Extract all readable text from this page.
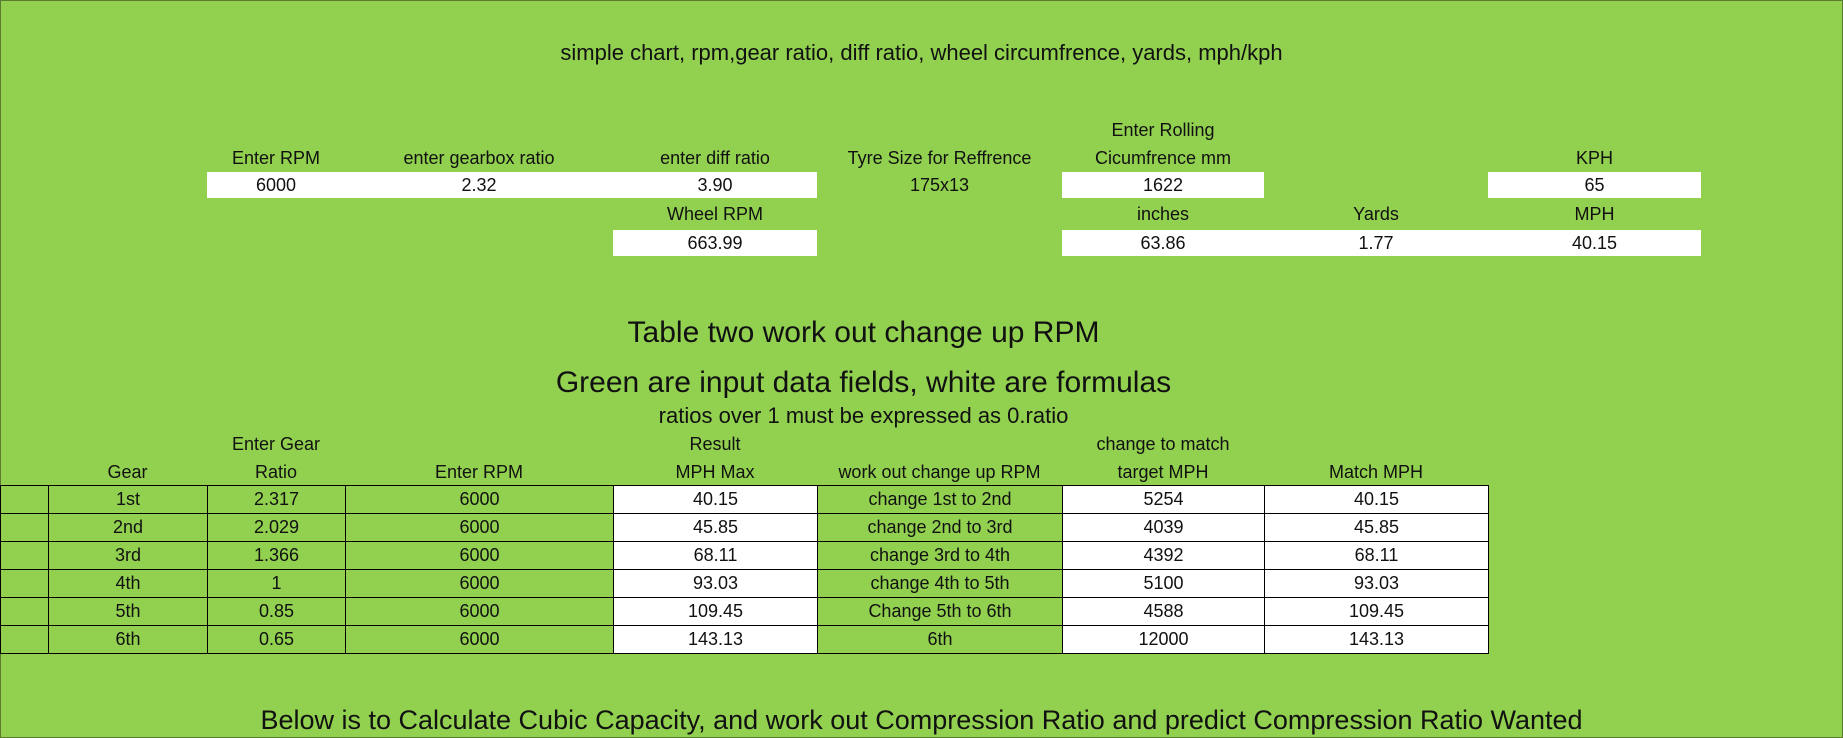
simple chart, rpm,gear ratio, diff ratio, wheel circumfrence, yards, mph/kph
Enter RPM	enter gearbox ratio	enter diff ratio	Tyre Size for Reffrence
Enter Rolling
Cicumfrence mm	KPH
6000	2.32	3.90	175x13	1622	65
Wheel RPM	inches	Yards	MPH
663.99	63.86	1.77	40.15
Table two work out change up RPM
Green are input data fields, white are formulas
ratios over 1 must be expressed as 0.ratio
Enter Gear	Result	change to match
Gear	Ratio	Enter RPM	MPH Max	work out change up RPM	target MPH	Match MPH
	1st	2.317	6000	40.15	change 1st to 2nd	5254	40.15
	2nd	2.029	6000	45.85	change 2nd to 3rd	4039	45.85
	3rd	1.366	6000	68.11	change 3rd to 4th	4392	68.11
	4th	1	6000	93.03	change 4th to 5th	5100	93.03
	5th	0.85	6000	109.45	Change 5th to 6th	4588	109.45
	6th	0.65	6000	143.13	6th	12000	143.13
Below is to Calculate Cubic Capacity, and work out Compression Ratio and predict Compression Ratio Wanted
